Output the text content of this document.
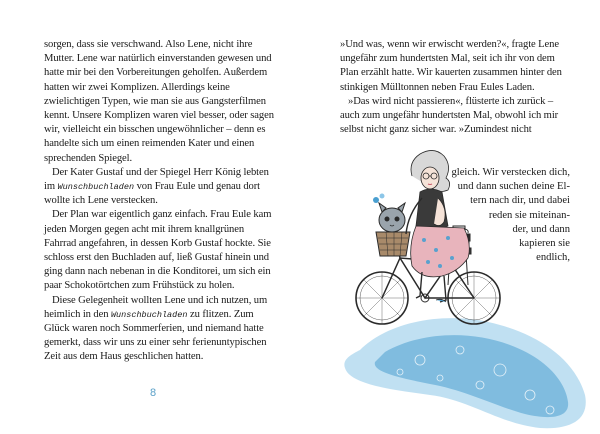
sorgen, dass sie verschwand. Also Lene, nicht ihre Mutter. Lene war natürlich einverstanden gewesen und hatte mir bei den Vorbereitungen geholfen. Außerdem hatten wir zwei Komplizen. Allerdings keine zwielichtigen Typen, wie man sie aus Gangsterfilmen kennt. Unsere Komplizen waren viel besser, oder sagen wir, vielleicht ein bisschen ungewöhnlicher – denn es handelte sich um einen reimenden Kater und einen sprechenden Spiegel.

Der Kater Gustaf und der Spiegel Herr König lebten im Wunschbuchladen von Frau Eule und genau dort wollte ich Lene verstecken.

Der Plan war eigentlich ganz einfach. Frau Eule kam jeden Morgen gegen acht mit ihrem knallgrünen Fahrrad angefahren, in dessen Korb Gustaf hockte. Sie schloss erst den Buchladen auf, ließ Gustaf hinein und ging dann nach nebenan in die Konditorei, um sich ein paar Schokotörtchen zum Frühstück zu holen.

Diese Gelegenheit wollten Lene und ich nutzen, um heimlich in den Wunschbuchladen zu flitzen. Zum Glück waren noch Sommerferien, und niemand hatte gemerkt, dass wir uns zu einer sehr ferienuntypischen Zeit aus dem Haus geschlichen hatten.

8

»Und was, wenn wir erwischt werden?«, fragte Lene ungefähr zum hundertsten Mal, seit ich ihr von dem Plan erzählt hatte. Wir kauerten zusammen hinter den stinkigen Mülltonnen neben Frau Eules Laden.

»Das wird nicht passieren«, flüsterte ich zurück – auch zum ungefähr hundertsten Mal, obwohl ich mir selbst nicht ganz sicher war. »Zumindest nicht

gleich. Wir verstecken dich,
und dann suchen deine El-
tern nach dir, und dabei
reden sie miteinan-
der, und dann
kapieren sie
endlich,
